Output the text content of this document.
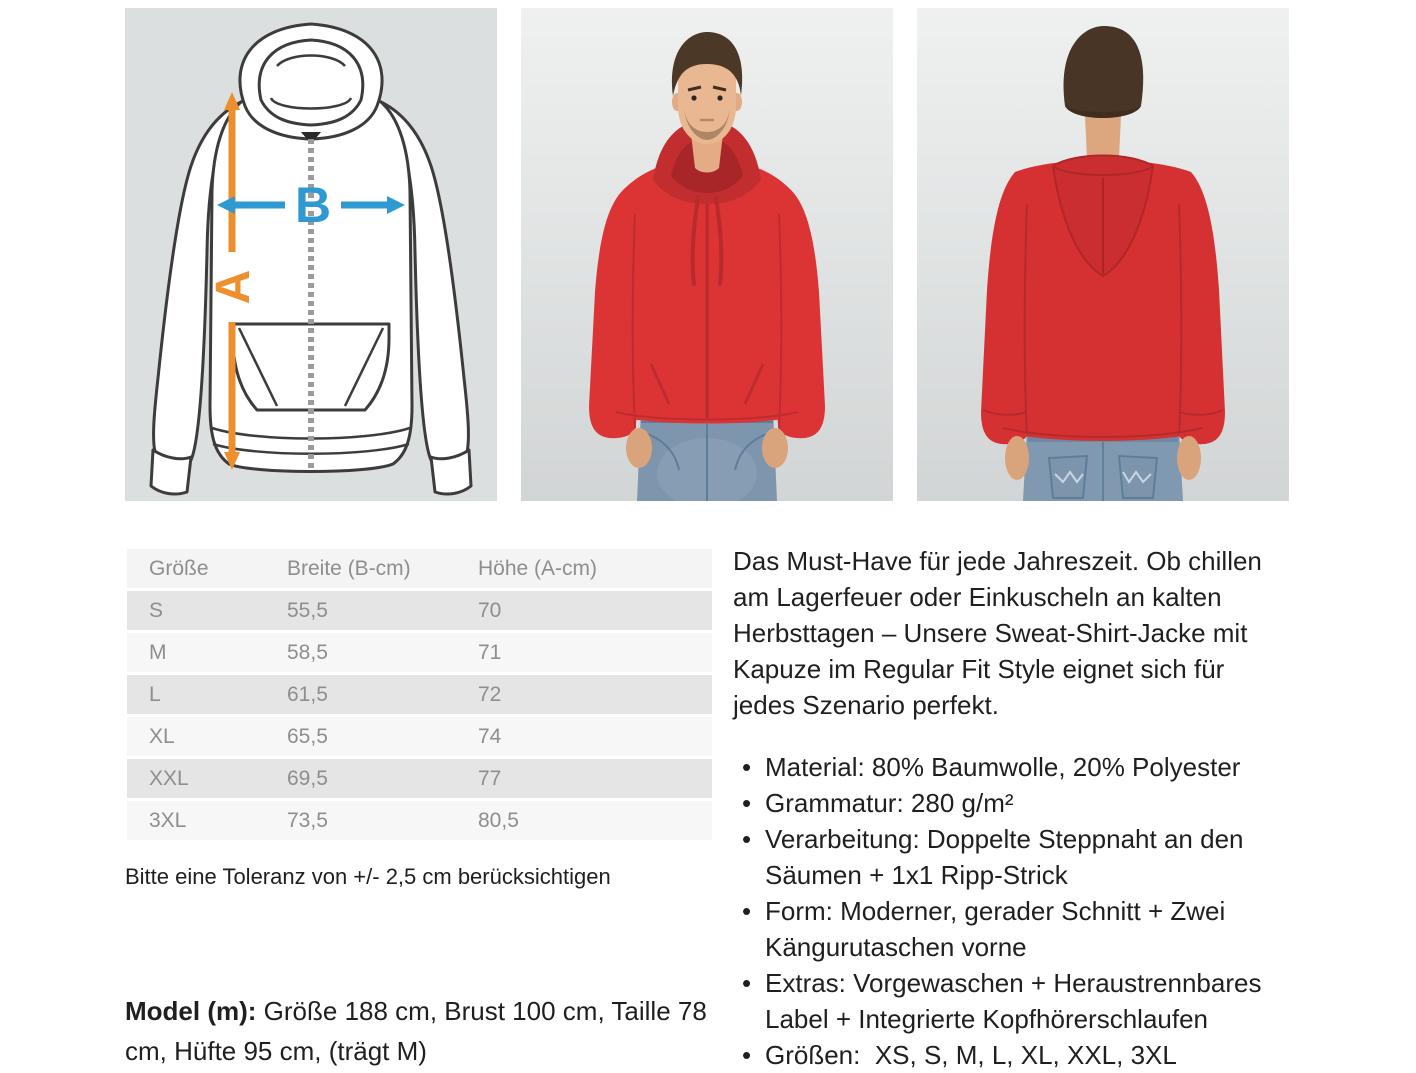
A
B
Größe	Breite (B-cm)	Höhe (A-cm)
S	55,5	70
M	58,5	71
L	61,5	72
XL	65,5	74
XXL	69,5	77
3XL	73,5	80,5
Bitte eine Toleranz von +/- 2,5 cm berücksichtigen
Model (m): Größe 188 cm, Brust 100 cm, Taille 78 cm, Hüfte 95 cm, (trägt M)

Das Must-Have für jede Jahreszeit. Ob chillen am Lagerfeuer oder Einkuscheln an kalten Herbsttagen – Unsere Sweat-Shirt-Jacke mit Kapuze im Regular Fit Style eignet sich für jedes Szenario perfekt.

• Material: 80% Baumwolle, 20% Polyester
• Grammatur: 280 g/m²
• Verarbeitung: Doppelte Steppnaht an den Säumen + 1x1 Ripp-Strick
• Form: Moderner, gerader Schnitt + Zwei Kängurutaschen vorne
• Extras: Vorgewaschen + Heraustrennbares Label + Integrierte Kopfhörerschlaufen
• Größen:  XS, S, M, L, XL, XXL, 3XL
